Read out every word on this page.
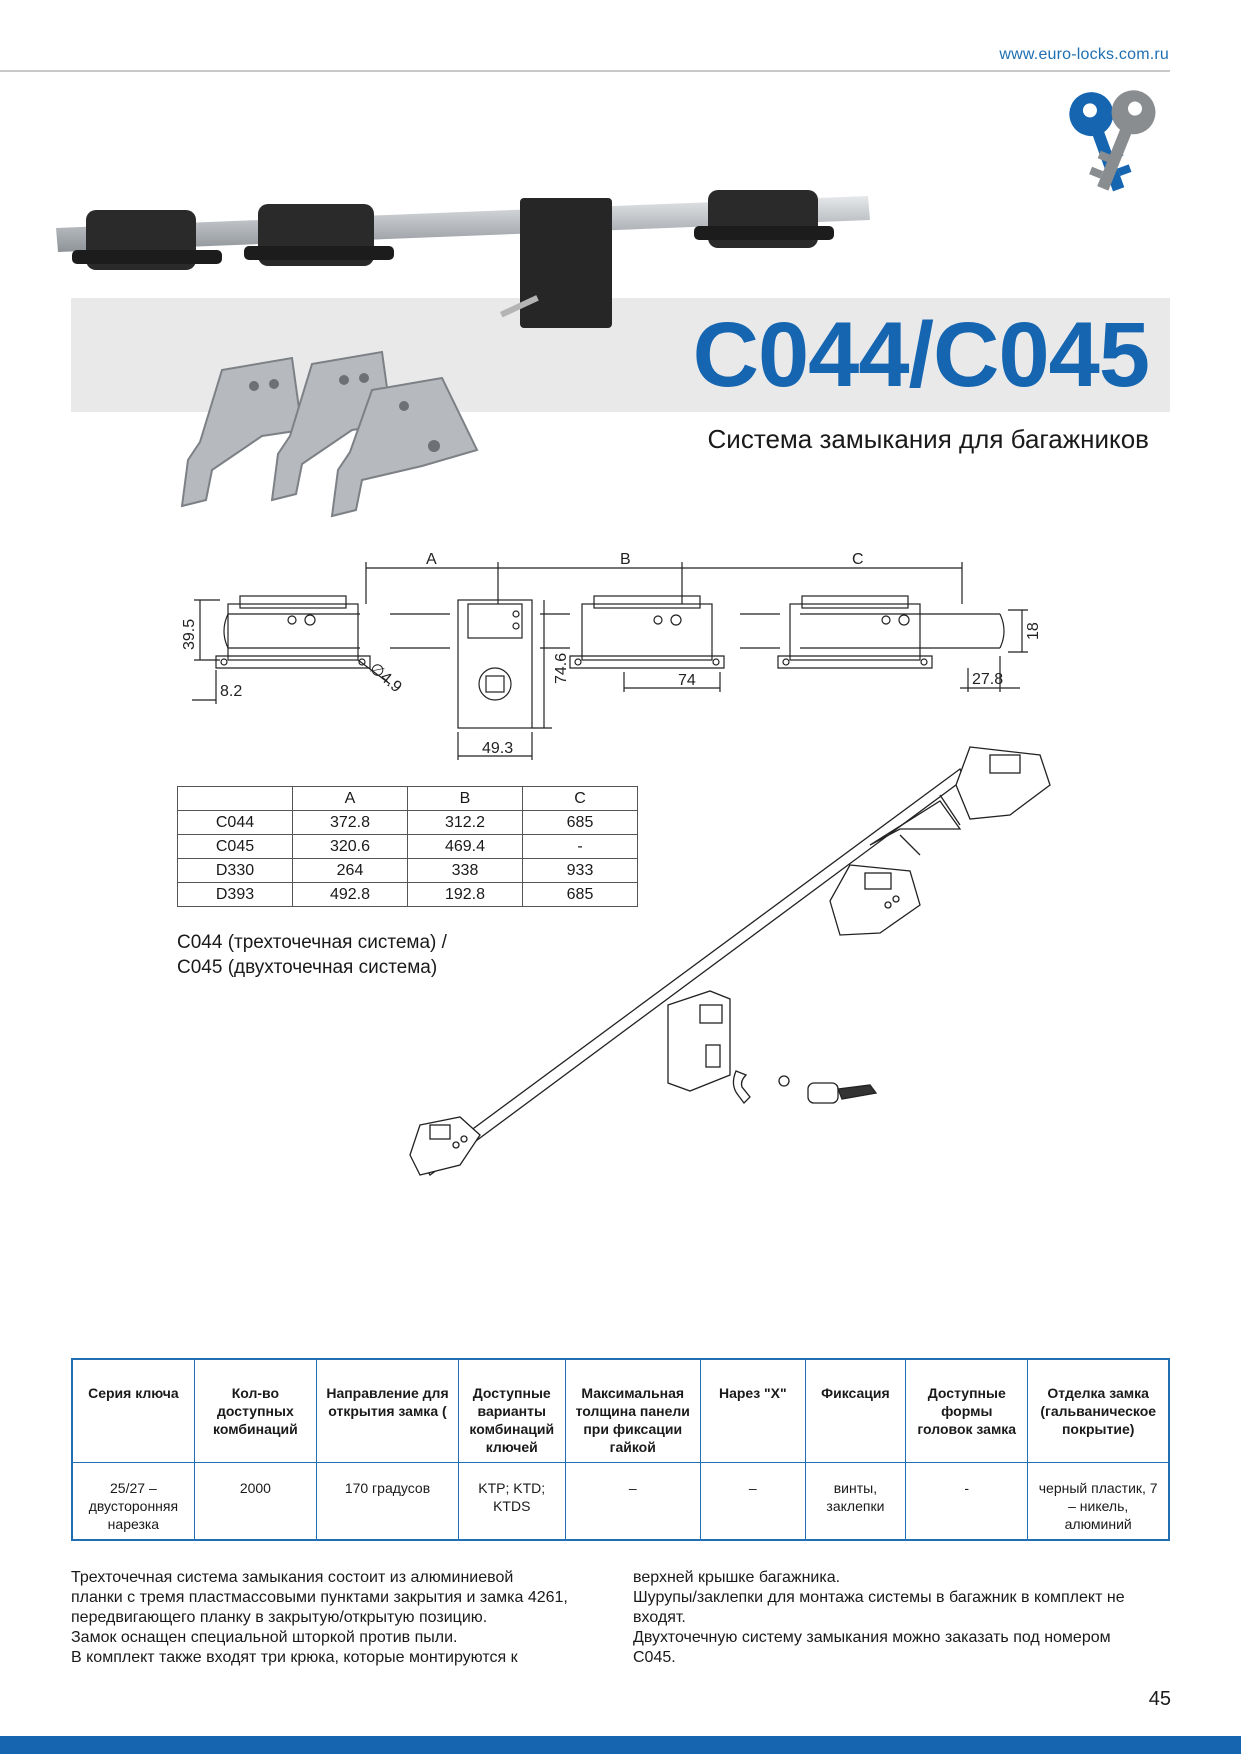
www.euro-locks.com.ru
C044/C045
Система замыкания для багажников
A	B	C
39.5
∅4.9
8.2
74.6
49.3
74
18
27.8
	A	B	C
C044	372.8	312.2	685
C045	320.6	469.4	-
D330	264	338	933
D393	492.8	192.8	685
C044 (трехточечная система) /
C045 (двухточечная система)
Серия ключа	Кол-во доступных комбинаций	Направление для открытия замка (	Доступные варианты комбинаций ключей	Максимальная толщина панели при фиксации гайкой	Нарез "X"	Фиксация	Доступные формы головок замка	Отделка замка (гальваническое покрытие)
25/27 – двусторонняя нарезка	2000	170 градусов	KTP; KTD; KTDS	–	–	винты, заклепки	-	черный пластик, 7 – никель, алюминий

Трехточечная система замыкания состоит из алюминиевой

планки с тремя пластмассовыми пунктами закрытия и замка 4261,

передвигающего планку в закрытую/открытую позицию.

Замок оснащен специальной шторкой против пыли.

В комплект также входят три крюка, которые монтируются к

верхней крышке багажника.

Шурупы/заклепки для монтажа системы в багажник в комплект не

входят.

Двухточечную систему замыкания можно заказать под номером

C045.

45
